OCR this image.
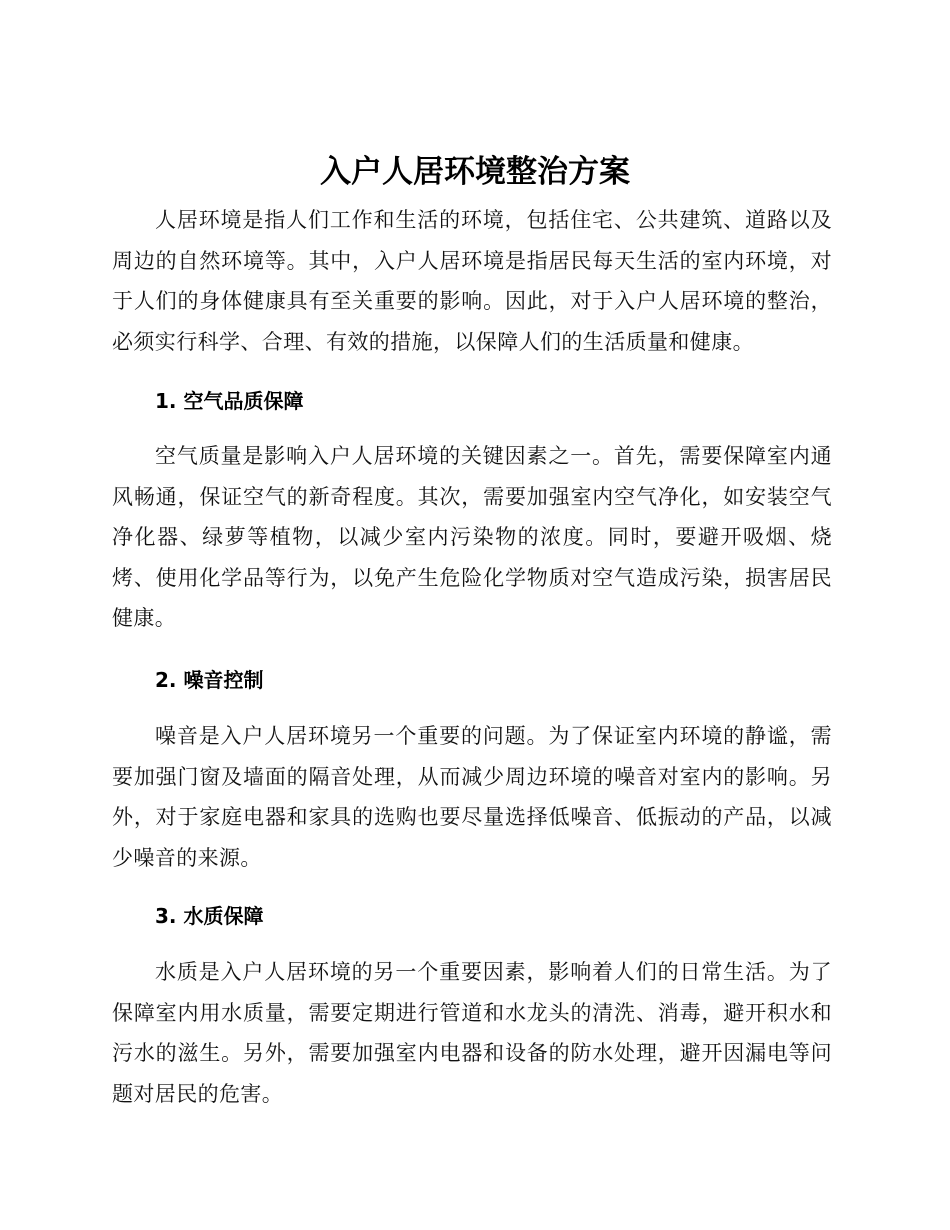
入户人居环境整治方案

人居环境是指人们工作和生活的环境，包括住宅、公共建筑、道路以及周边的自然环境等。其中，入户人居环境是指居民每天生活的室内环境，对于人们的身体健康具有至关重要的影响。因此，对于入户人居环境的整治，必须实行科学、合理、有效的措施，以保障人们的生活质量和健康。

1. 空气品质保障

空气质量是影响入户人居环境的关键因素之一。首先，需要保障室内通风畅通，保证空气的新奇程度。其次，需要加强室内空气净化，如安装空气净化器、绿萝等植物，以减少室内污染物的浓度。同时，要避开吸烟、烧烤、使用化学品等行为，以免产生危险化学物质对空气造成污染，损害居民健康。

2. 噪音控制

噪音是入户人居环境另一个重要的问题。为了保证室内环境的静谧，需要加强门窗及墙面的隔音处理，从而减少周边环境的噪音对室内的影响。另外，对于家庭电器和家具的选购也要尽量选择低噪音、低振动的产品，以减少噪音的来源。

3. 水质保障

水质是入户人居环境的另一个重要因素，影响着人们的日常生活。为了保障室内用水质量，需要定期进行管道和水龙头的清洗、消毒，避开积水和污水的滋生。另外，需要加强室内电器和设备的防水处理，避开因漏电等问题对居民的危害。
